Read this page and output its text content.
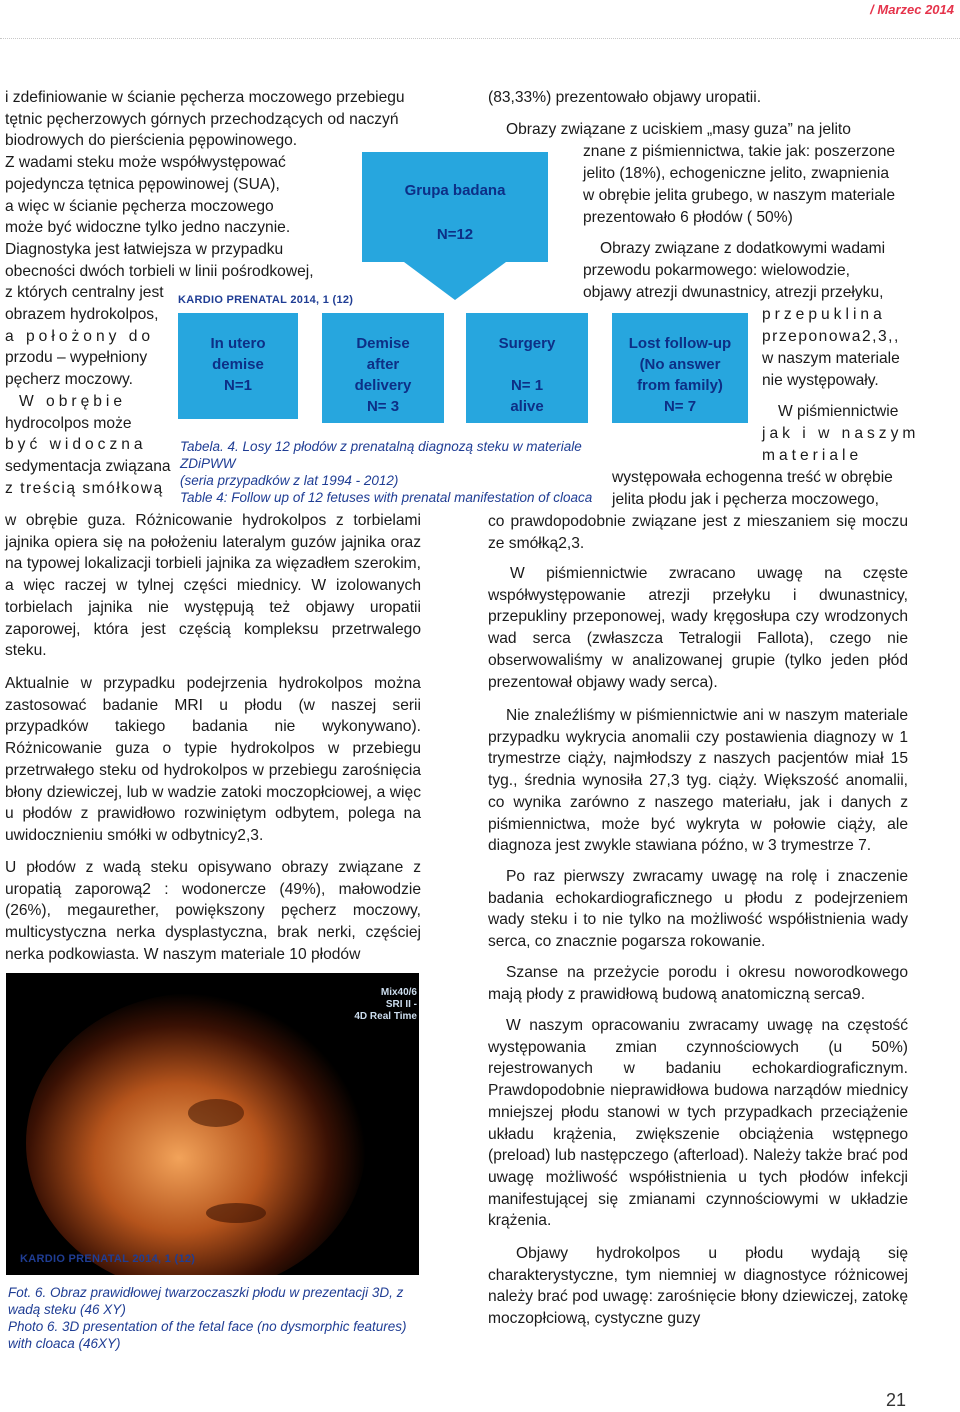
/ Marzec 2014
i zdefiniowanie w ścianie pęcherza moczowego przebiegu
tętnic pęcherzowych górnych przechodzących od naczyń
biodrowych do pierścienia pępowinowego.
Z wadami steku może współwystępować
pojedyncza tętnica pępowinowej (SUA),
a więc w ścianie pęcherza moczowego
może być widoczne tylko jedno naczynie.
Diagnostyka jest łatwiejsza w przypadku
obecności dwóch torbieli w linii pośrodkowej,
z których centralny jest
obrazem hydrokolpos,
a położony do
przodu – wypełniony
pęcherz moczowy.
W obrębie
hydrocolpos może
być widoczna
sedymentacja związana
z treścią smółkową
w obrębie guza. Różnicowanie hydrokolpos z torbielami jajnika opiera się na położeniu lateralym guzów jajnika oraz na typowej lokalizacji torbieli jajnika za więzadłem szerokim, a więc raczej w tylnej części miednicy. W izolowanych torbielach jajnika nie występują też objawy uropatii zaporowej, która jest częścią kompleksu przetrwalego steku.
Aktualnie w przypadku podejrzenia hydrokolpos można zastosować badanie MRI u płodu (w naszej serii przypadków takiego badania nie wykonywano). Różnicowanie guza o typie hydrokolpos w przebiegu przetrwałego steku od hydrokolpos w przebiegu zarośnięcia błony dziewiczej, lub w wadzie zatoki moczopłciowej, a więc u płodów z prawidłowo rozwiniętym odbytem, polega na uwidocznieniu smółki w odbytnicy2,3.
U płodów z wadą steku opisywano obrazy związane z uropatią zaporową2 : wodonercze (49%), małowodzie (26%), megaurether, powiększony pęcherz moczowy, multicystyczna nerka dysplastyczna, brak nerki, częściej nerka podkowiasta. W naszym materiale 10 płodów
Grupa badana
N=12
In utero
demise
N=1
Demise
after
delivery
N= 3
Surgery
N= 1
alive
Lost follow-up
(No answer
from family)
N= 7
KARDIO PRENATAL 2014, 1 (12)
Tabela. 4. Losy 12 płodów z prenatalną diagnozą steku w materiale ZDiPWW
(seria przypadków z lat 1994 - 2012)
Table 4: Follow up of 12 fetuses with prenatal manifestation of cloaca
Mix40/6
SRI II -
4D Real Time
KARDIO PRENATAL 2014, 1 (12)
Fot. 6. Obraz prawidłowej twarzoczaszki płodu w prezentacji 3D, z wadą steku (46 XY)
Photo 6. 3D presentation of the fetal face (no dysmorphic features) with cloaca (46XY)
(83,33%) prezentowało objawy uropatii.
Obrazy związane z uciskiem „masy guza” na jelito
znane z piśmiennictwa, takie jak: poszerzone
jelito (18%), echogeniczne jelito, zwapnienia
w obrębie jelita grubego, w naszym materiale
prezentowało 6 płodów ( 50%)
Obrazy związane z dodatkowymi wadami
przewodu pokarmowego: wielowodzie,
objawy atrezji dwunastnicy, atrezji przełyku,
przepuklina
przeponowa2,3,,
w naszym materiale
nie występowały.
W piśmiennictwie
jak i w naszym
materiale
występowała echogenna treść w obrębie
jelita płodu jak i pęcherza moczowego,
co prawdopodobnie związane jest z mieszaniem się moczu ze smółką2,3.
W piśmiennictwie zwracano uwagę na częste współwystępowanie atrezji przełyku i dwunastnicy, przepukliny przeponowej, wady kręgosłupa czy wrodzonych wad serca (zwłaszcza Tetralogii Fallota), czego nie obserwowaliśmy w analizowanej grupie (tylko jeden płód prezentował objawy wady serca).
Nie znaleźliśmy w piśmiennictwie ani w naszym materiale przypadku wykrycia anomalii czy postawienia diagnozy w 1 trymestrze ciąży, najmłodszy z naszych pacjentów miał 15 tyg., średnia wynosiła 27,3 tyg. ciąży. Większość anomalii, co wynika zarówno z naszego materiału, jak i danych z piśmiennictwa, może być wykryta w połowie ciąży, ale diagnoza jest zwykle stawiana późno, w 3 trymestrze 7.
Po raz pierwszy zwracamy uwagę na rolę i znaczenie badania echokardiograficznego u płodu z podejrzeniem wady steku i to nie tylko na możliwość współistnienia wady serca, co znacznie pogarsza rokowanie.
Szanse na przeżycie porodu i okresu noworodkowego mają płody z prawidłową budową anatomiczną serca9.
W naszym opracowaniu zwracamy uwagę na częstość występowania zmian czynnościowych (u 50%) rejestrowanych w badaniu echokardiograficznym. Prawdopodobnie nieprawidłowa budowa narządów miednicy mniejszej płodu stanowi w tych przypadkach przeciążenie układu krążenia, zwiększenie obciążenia wstępnego (preload) lub następczego (afterload). Należy także brać pod uwagę możliwość współistnienia u tych płodów infekcji manifestującej się zmianami czynnościowymi w układzie krążenia.
Objawy hydrokolpos u płodu wydają się charakterystyczne, tym niemniej w diagnostyce różnicowej należy brać pod uwagę: zarośnięcie błony dziewiczej, zatokę moczopłciową, cystyczne guzy
21
